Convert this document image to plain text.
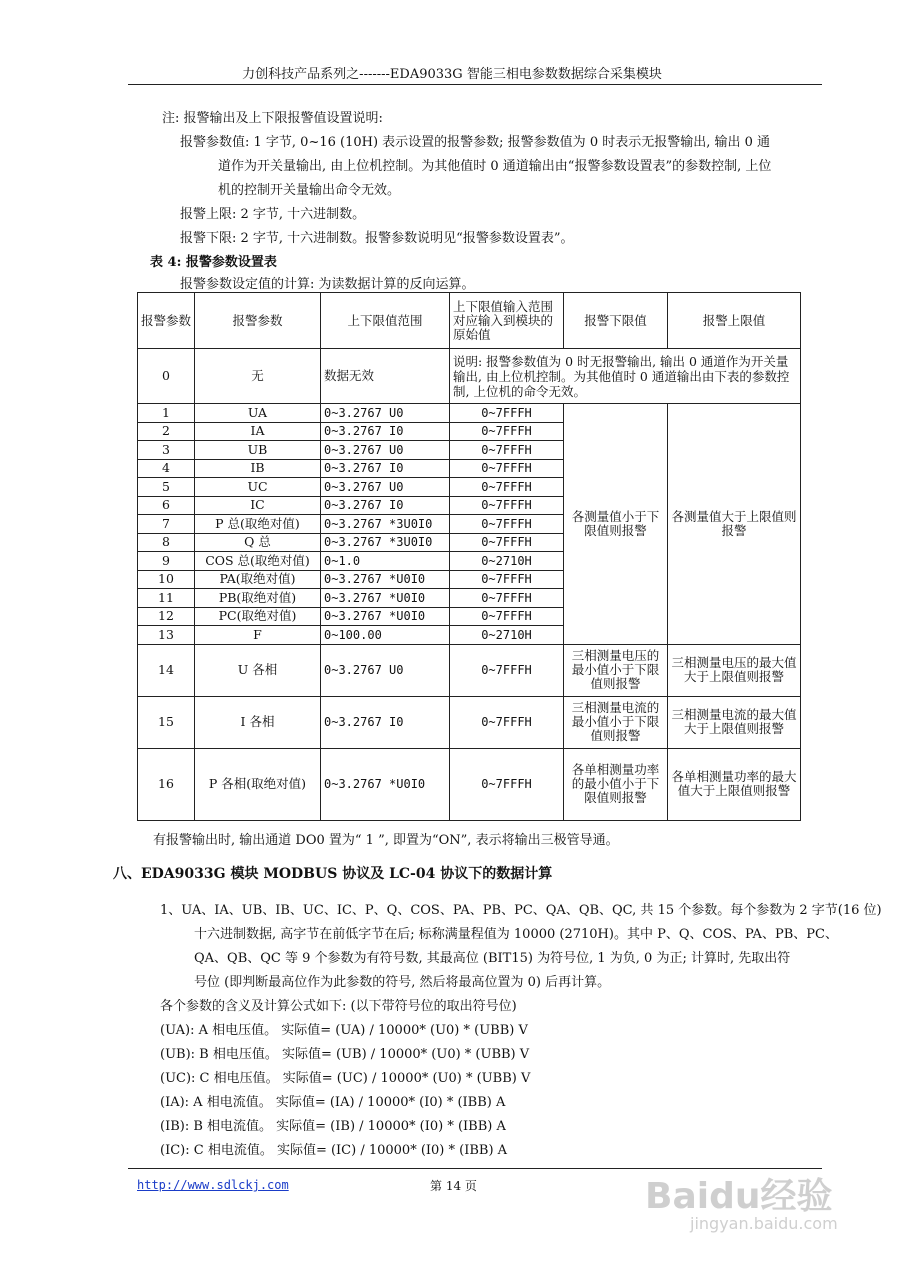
力创科技产品系列之-------EDA9033G 智能三相电参数数据综合采集模块
注: 报警输出及上下限报警值设置说明:
报警参数值: 1 字节, 0~16 (10H) 表示设置的报警参数; 报警参数值为 0 时表示无报警输出, 输出 0 通
道作为开关量输出, 由上位机控制。为其他值时 0 通道输出由“报警参数设置表”的参数控制, 上位
机的控制开关量输出命令无效。
报警上限: 2 字节, 十六进制数。
报警下限: 2 字节, 十六进制数。报警参数说明见“报警参数设置表”。
表 4: 报警参数设置表
报警参数设定值的计算: 为读数据计算的反向运算。
报警参数	报警参数	上下限值范围	上下限值输入范围对应输入到模块的原始值	报警下限值	报警上限值
0	无	数据无效	说明: 报警参数值为 0 时无报警输出, 输出 0 通道作为开关量输出, 由上位机控制。为其他值时 0 通道输出由下表的参数控制, 上位机的命令无效。		
1	UA	0~3.2767 U0	0~7FFFH	各测量值小于下限值则报警	各测量值大于上限值则报警
2	IA	0~3.2767 I0	0~7FFFH		
3	UB	0~3.2767 U0	0~7FFFH		
4	IB	0~3.2767 I0	0~7FFFH		
5	UC	0~3.2767 U0	0~7FFFH		
6	IC	0~3.2767 I0	0~7FFFH		
7	P 总(取绝对值)	0~3.2767 *3U0I0	0~7FFFH		
8	Q 总	0~3.2767 *3U0I0	0~7FFFH		
9	COS 总(取绝对值)	0~1.0	0~2710H		
10	PA(取绝对值)	0~3.2767 *U0I0	0~7FFFH		
11	PB(取绝对值)	0~3.2767 *U0I0	0~7FFFH		
12	PC(取绝对值)	0~3.2767 *U0I0	0~7FFFH		
13	F	0~100.00	0~2710H		
14	U 各相	0~3.2767 U0	0~7FFFH	三相测量电压的最小值小于下限值则报警	三相测量电压的最大值大于上限值则报警
15	I 各相	0~3.2767 I0	0~7FFFH	三相测量电流的最小值小于下限值则报警	三相测量电流的最大值大于上限值则报警
16	P 各相(取绝对值)	0~3.2767 *U0I0	0~7FFFH	各单相测量功率的最小值小于下限值则报警	各单相测量功率的最大值大于上限值则报警
有报警输出时, 输出通道 DO0 置为“ 1 ”, 即置为“ON”, 表示将输出三极管导通。
八、EDA9033G 模块 MODBUS 协议及 LC-04 协议下的数据计算
1、UA、IA、UB、IB、UC、IC、P、Q、COS、PA、PB、PC、QA、QB、QC, 共 15 个参数。每个参数为 2 字节(16 位)
十六进制数据, 高字节在前低字节在后; 标称满量程值为 10000 (2710H)。其中 P、Q、COS、PA、PB、PC、
QA、QB、QC 等 9 个参数为有符号数, 其最高位 (BIT15) 为符号位, 1 为负, 0 为正; 计算时, 先取出符
号位 (即判断最高位作为此参数的符号, 然后将最高位置为 0) 后再计算。
各个参数的含义及计算公式如下: (以下带符号位的取出符号位)
(UA): A 相电压值。 实际值= (UA) / 10000* (U0) * (UBB) V
(UB): B 相电压值。 实际值= (UB) / 10000* (U0) * (UBB) V
(UC): C 相电压值。 实际值= (UC) / 10000* (U0) * (UBB) V
(IA): A 相电流值。 实际值= (IA) / 10000* (I0) * (IBB) A
(IB): B 相电流值。 实际值= (IB) / 10000* (I0) * (IBB) A
(IC): C 相电流值。 实际值= (IC) / 10000* (I0) * (IBB) A
http://www.sdlckj.com	第 14 页	Baidu经验
jingyan.baidu.com
